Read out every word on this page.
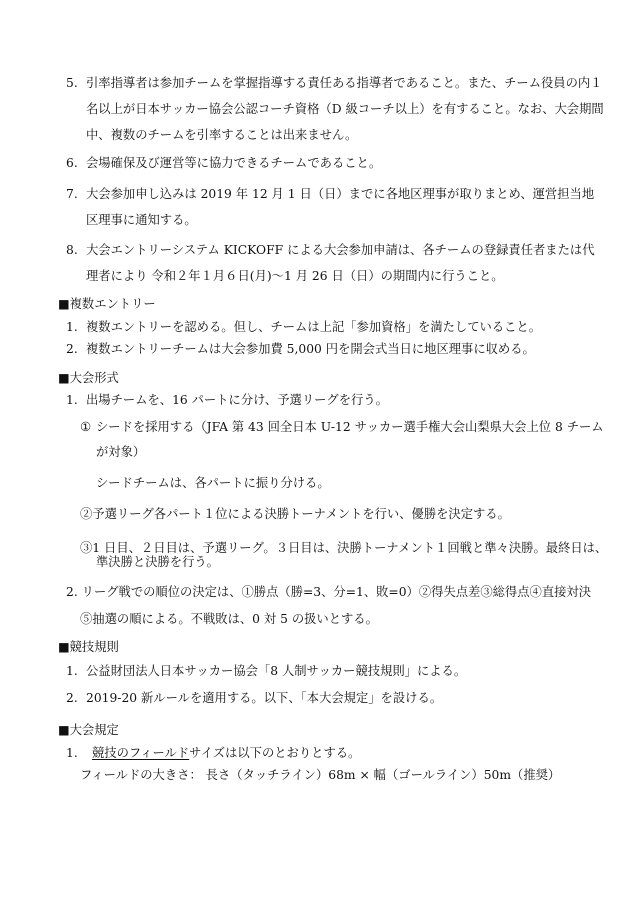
5. 引率指導者は参加チームを掌握指導する責任ある指導者であること。また、チーム役員の内１
名以上が日本サッカー協会公認コーチ資格（D 級コーチ以上）を有すること。なお、大会期間
中、複数のチームを引率することは出来ません。
6. 会場確保及び運営等に協力できるチームであること。
7. 大会参加申し込みは 2019 年 12 月 1 日（日）までに各地区理事が取りまとめ、運営担当地
区理事に通知する。
8. 大会エントリーシステム KICKOFF による大会参加申請は、各チームの登録責任者または代
理者により 令和２年１月６日(月)～1 月 26 日（日）の期間内に行うこと。
■複数エントリー
1. 複数エントリーを認める。但し、チームは上記「参加資格」を満たしていること。
2. 複数エントリーチームは大会参加費 5,000 円を開会式当日に地区理事に収める。
■大会形式
1. 出場チームを、16 パートに分け、予選リーグを行う。
① シードを採用する（JFA 第 43 回全日本 U-12 サッカー選手権大会山梨県大会上位 8 チーム
が対象）
シードチームは、各パートに振り分ける。
②予選リーグ各パート１位による決勝トーナメントを行い、優勝を決定する。
③1 日目、２日目は、予選リーグ。３日目は、決勝トーナメント１回戦と準々決勝。最終日は、
準決勝と決勝を行う。
2. リーグ戦での順位の決定は、①勝点（勝=3、分=1、敗=0）②得失点差③総得点④直接対決
⑤抽選の順による。不戦敗は、0 対 5 の扱いとする。
■競技規則
1. 公益財団法人日本サッカー協会「8 人制サッカー競技規則」による。
2. 2019-20 新ルールを適用する。以下、「本大会規定」を設ける。
■大会規定
1. 競技のフィールドサイズは以下のとおりとする。
フィールドの大きさ： 長さ（タッチライン）68m × 幅（ゴールライン）50m（推奨）
